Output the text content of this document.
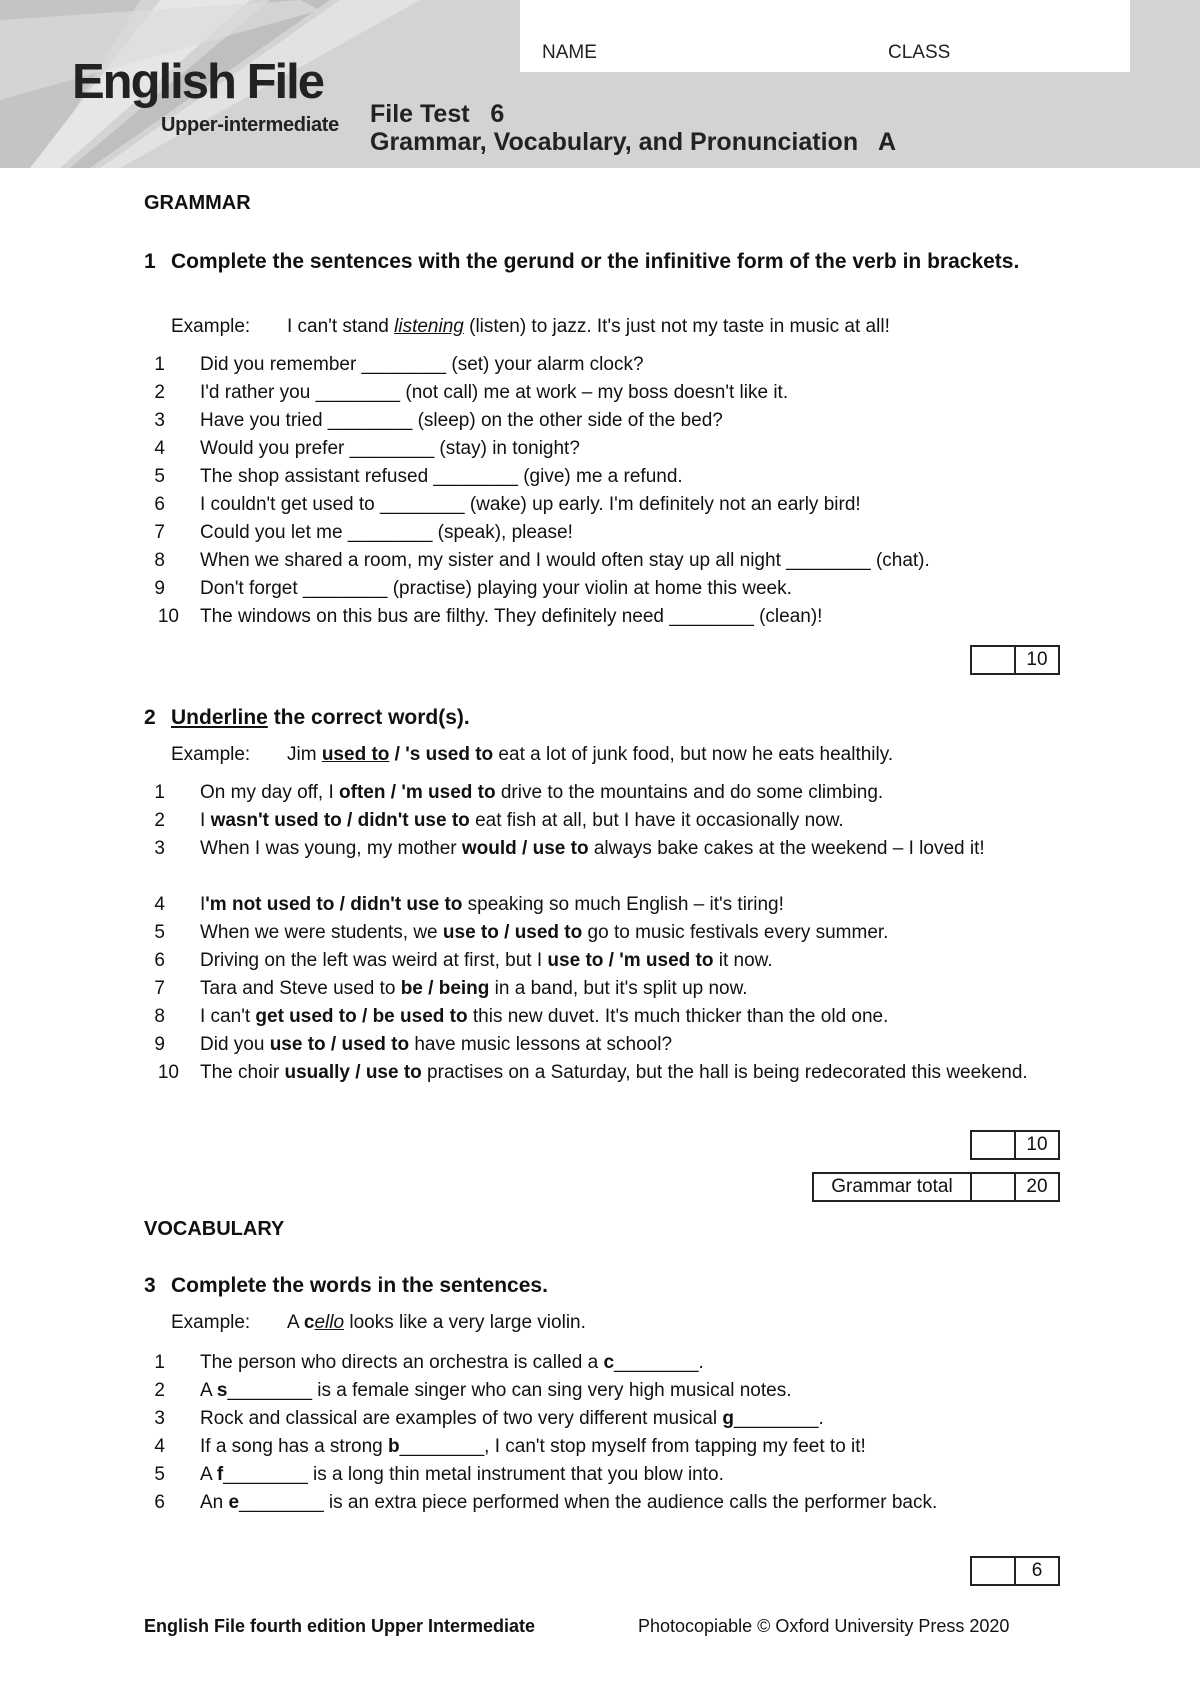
English File
Upper-intermediate
NAME	CLASS
File Test   6
Grammar, Vocabulary, and Pronunciation   A
GRAMMAR
1 Complete the sentences with the gerund or the infinitive form of the verb in brackets.
Example: I can't stand listening (listen) to jazz. It's just not my taste in music at all!
1 Did you remember ________ (set) your alarm clock?
2 I'd rather you ________ (not call) me at work – my boss doesn't like it.
3 Have you tried ________ (sleep) on the other side of the bed?
4 Would you prefer ________ (stay) in tonight?
5 The shop assistant refused ________ (give) me a refund.
6 I couldn't get used to ________ (wake) up early. I'm definitely not an early bird!
7 Could you let me ________ (speak), please!
8 When we shared a room, my sister and I would often stay up all night ________ (chat).
9 Don't forget ________ (practise) playing your violin at home this week.
10 The windows on this bus are filthy. They definitely need ________ (clean)!
10
2 Underline the correct word(s).
Example: Jim used to / 's used to eat a lot of junk food, but now he eats healthily.
1 On my day off, I often / 'm used to drive to the mountains and do some climbing.
2 I wasn't used to / didn't use to eat fish at all, but I have it occasionally now.
3 When I was young, my mother would / use to always bake cakes at the weekend – I loved it!
4 I'm not used to / didn't use to speaking so much English – it's tiring!
5 When we were students, we use to / used to go to music festivals every summer.
6 Driving on the left was weird at first, but I use to / 'm used to it now.
7 Tara and Steve used to be / being in a band, but it's split up now.
8 I can't get used to / be used to this new duvet. It's much thicker than the old one.
9 Did you use to / used to have music lessons at school?
10 The choir usually / use to practises on a Saturday, but the hall is being redecorated this weekend.
10
Grammar total	20
VOCABULARY
3 Complete the words in the sentences.
Example: A cello looks like a very large violin.
1 The person who directs an orchestra is called a c________.
2 A s________ is a female singer who can sing very high musical notes.
3 Rock and classical are examples of two very different musical g________.
4 If a song has a strong b________, I can't stop myself from tapping my feet to it!
5 A f________ is a long thin metal instrument that you blow into.
6 An e________ is an extra piece performed when the audience calls the performer back.
6
English File fourth edition Upper Intermediate	Photocopiable © Oxford University Press 2020
